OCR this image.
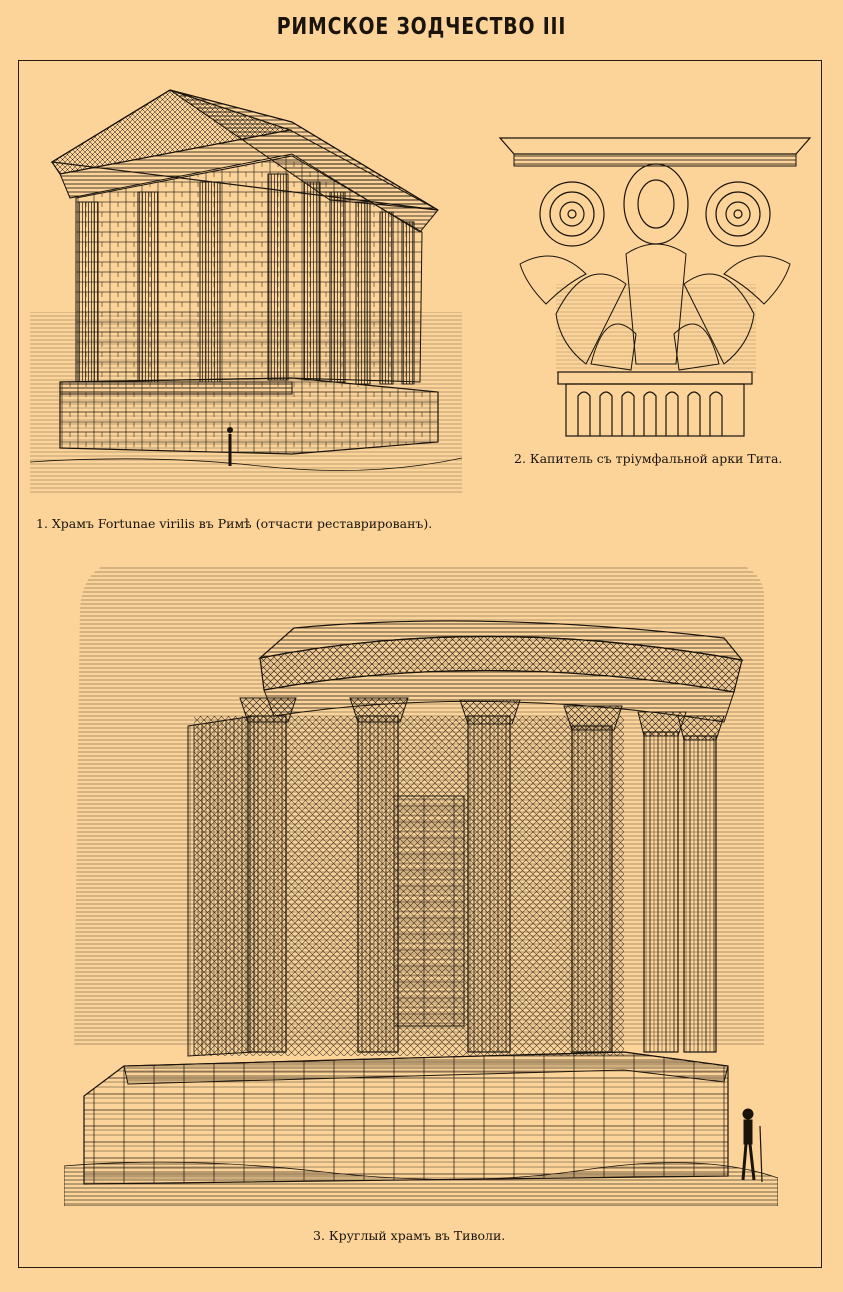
РИМСКОЕ ЗОДЧЕСТВО III
1. Храмъ Fortunae virilis въ Римѣ (отчасти реставрированъ).
2. Капитель съ тріумфальной арки Тита.
3. Круглый храмъ въ Тиволи.
